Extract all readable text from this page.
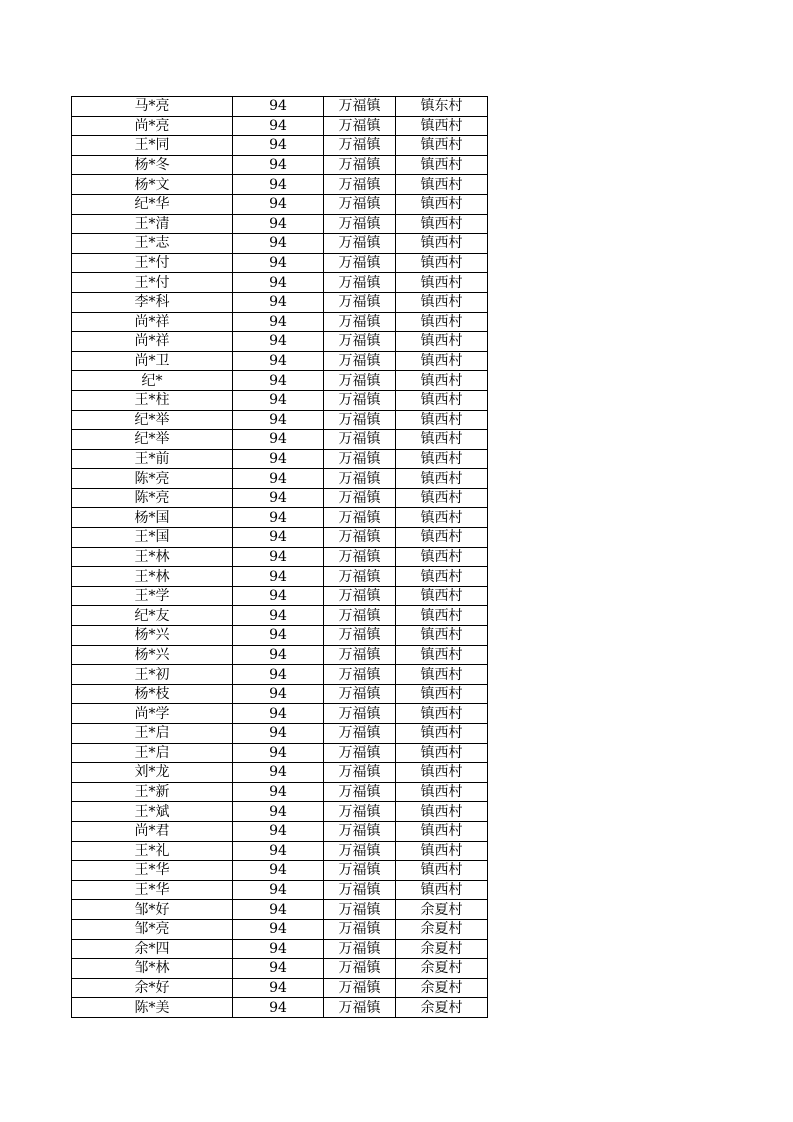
马*亮	94	万福镇	镇东村
尚*亮	94	万福镇	镇西村
王*同	94	万福镇	镇西村
杨*冬	94	万福镇	镇西村
杨*文	94	万福镇	镇西村
纪*华	94	万福镇	镇西村
王*清	94	万福镇	镇西村
王*志	94	万福镇	镇西村
王*付	94	万福镇	镇西村
王*付	94	万福镇	镇西村
李*科	94	万福镇	镇西村
尚*祥	94	万福镇	镇西村
尚*祥	94	万福镇	镇西村
尚*卫	94	万福镇	镇西村
纪*	94	万福镇	镇西村
王*柱	94	万福镇	镇西村
纪*举	94	万福镇	镇西村
纪*举	94	万福镇	镇西村
王*前	94	万福镇	镇西村
陈*亮	94	万福镇	镇西村
陈*亮	94	万福镇	镇西村
杨*国	94	万福镇	镇西村
王*国	94	万福镇	镇西村
王*林	94	万福镇	镇西村
王*林	94	万福镇	镇西村
王*学	94	万福镇	镇西村
纪*友	94	万福镇	镇西村
杨*兴	94	万福镇	镇西村
杨*兴	94	万福镇	镇西村
王*初	94	万福镇	镇西村
杨*枝	94	万福镇	镇西村
尚*学	94	万福镇	镇西村
王*启	94	万福镇	镇西村
王*启	94	万福镇	镇西村
刘*龙	94	万福镇	镇西村
王*新	94	万福镇	镇西村
王*斌	94	万福镇	镇西村
尚*君	94	万福镇	镇西村
王*礼	94	万福镇	镇西村
王*华	94	万福镇	镇西村
王*华	94	万福镇	镇西村
邹*好	94	万福镇	余夏村
邹*亮	94	万福镇	余夏村
余*四	94	万福镇	余夏村
邹*林	94	万福镇	余夏村
余*好	94	万福镇	余夏村
陈*美	94	万福镇	余夏村
